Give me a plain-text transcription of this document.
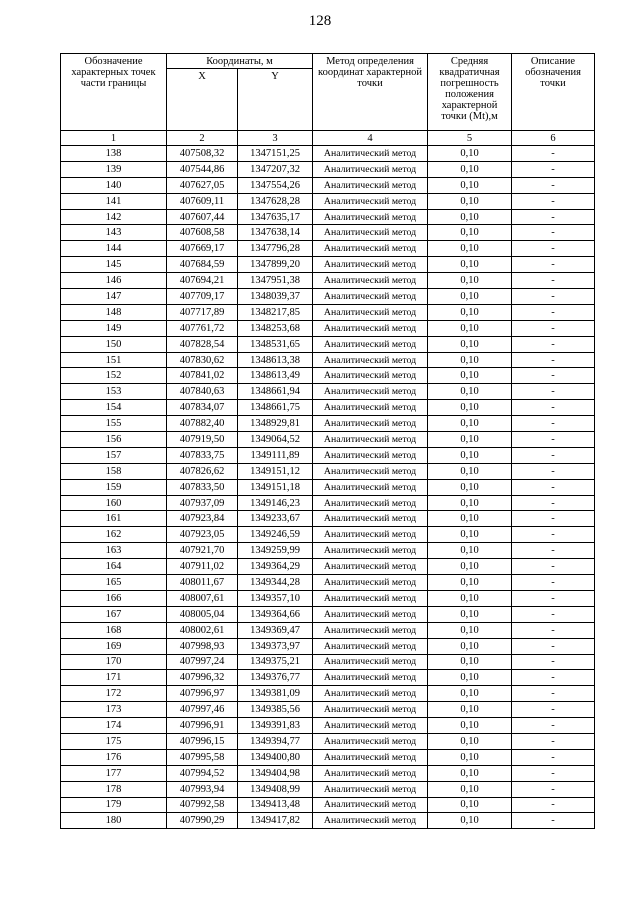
128
Обозначение характерных точек части границы	Координаты, м		Метод определения координат характерной точки	Средняя квадратичная погрешность положения характерной точки (Mt),м	Описание обозначения точки
	X	Y			
1	2	3	4	5	6
138	407508,32	1347151,25	Аналитический метод	0,10	-
139	407544,86	1347207,32	Аналитический метод	0,10	-
140	407627,05	1347554,26	Аналитический метод	0,10	-
141	407609,11	1347628,28	Аналитический метод	0,10	-
142	407607,44	1347635,17	Аналитический метод	0,10	-
143	407608,58	1347638,14	Аналитический метод	0,10	-
144	407669,17	1347796,28	Аналитический метод	0,10	-
145	407684,59	1347899,20	Аналитический метод	0,10	-
146	407694,21	1347951,38	Аналитический метод	0,10	-
147	407709,17	1348039,37	Аналитический метод	0,10	-
148	407717,89	1348217,85	Аналитический метод	0,10	-
149	407761,72	1348253,68	Аналитический метод	0,10	-
150	407828,54	1348531,65	Аналитический метод	0,10	-
151	407830,62	1348613,38	Аналитический метод	0,10	-
152	407841,02	1348613,49	Аналитический метод	0,10	-
153	407840,63	1348661,94	Аналитический метод	0,10	-
154	407834,07	1348661,75	Аналитический метод	0,10	-
155	407882,40	1348929,81	Аналитический метод	0,10	-
156	407919,50	1349064,52	Аналитический метод	0,10	-
157	407833,75	1349111,89	Аналитический метод	0,10	-
158	407826,62	1349151,12	Аналитический метод	0,10	-
159	407833,50	1349151,18	Аналитический метод	0,10	-
160	407937,09	1349146,23	Аналитический метод	0,10	-
161	407923,84	1349233,67	Аналитический метод	0,10	-
162	407923,05	1349246,59	Аналитический метод	0,10	-
163	407921,70	1349259,99	Аналитический метод	0,10	-
164	407911,02	1349364,29	Аналитический метод	0,10	-
165	408011,67	1349344,28	Аналитический метод	0,10	-
166	408007,61	1349357,10	Аналитический метод	0,10	-
167	408005,04	1349364,66	Аналитический метод	0,10	-
168	408002,61	1349369,47	Аналитический метод	0,10	-
169	407998,93	1349373,97	Аналитический метод	0,10	-
170	407997,24	1349375,21	Аналитический метод	0,10	-
171	407996,32	1349376,77	Аналитический метод	0,10	-
172	407996,97	1349381,09	Аналитический метод	0,10	-
173	407997,46	1349385,56	Аналитический метод	0,10	-
174	407996,91	1349391,83	Аналитический метод	0,10	-
175	407996,15	1349394,77	Аналитический метод	0,10	-
176	407995,58	1349400,80	Аналитический метод	0,10	-
177	407994,52	1349404,98	Аналитический метод	0,10	-
178	407993,94	1349408,99	Аналитический метод	0,10	-
179	407992,58	1349413,48	Аналитический метод	0,10	-
180	407990,29	1349417,82	Аналитический метод	0,10	-
